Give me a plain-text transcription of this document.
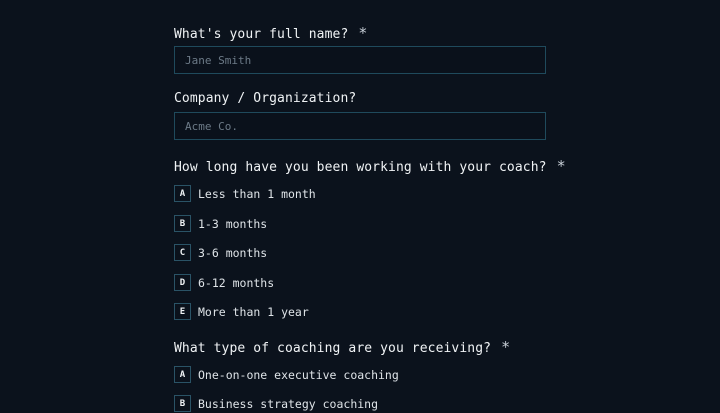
What's your full name? *
Jane Smith
Company / Organization?
Acme Co.
How long have you been working with your coach? *
A	Less than 1 month
B	1-3 months
C	3-6 months
D	6-12 months
E	More than 1 year
What type of coaching are you receiving? *
A	One-on-one executive coaching
B	Business strategy coaching
